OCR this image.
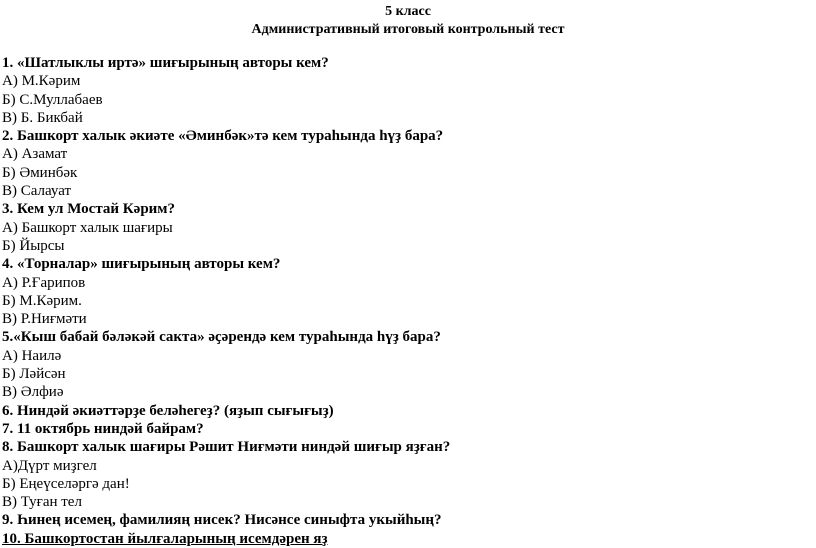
5 класс
Административный итоговый контрольный тест
1. «Шатлыклы иртә» шиғырының авторы кем?
А) М.Кәрим
Б) С.Муллабаев
В) Б. Бикбай
2. Башкорт халык әкиәте «Әминбәк»тә кем тураһында һүҙ бара?
А) Азамат
Б) Әминбәк
В) Салауат
3. Кем ул Мостай Кәрим?
А) Башкорт халык шағиры
Б) Йырсы
4. «Торналар» шиғырының авторы кем?
А) Р.Ғарипов
Б) М.Кәрим.
В) Р.Ниғмәти
5.«Кыш бабай бәләкәй сакта» әҫәрендә кем тураһында һүҙ бара?
А) Наилә
Б) Ләйсән
В) Әлфиә
6. Ниндәй әкиәттәрҙе беләһегеҙ? (яҙып сығығыҙ)
7. 11 октябрь ниндәй байрам?
8. Башкорт халык шағиры Рәшит Ниғмәти ниндәй шиғыр яҙған?
А)Дүрт миҙгел
Б) Еңеүселәргә дан!
В) Туған тел
9. Һинең исемең, фамилияң нисек? Нисәнсе синыфта укыйһың?
10. Башкортостан йылғаларының исемдәрен яҙ
